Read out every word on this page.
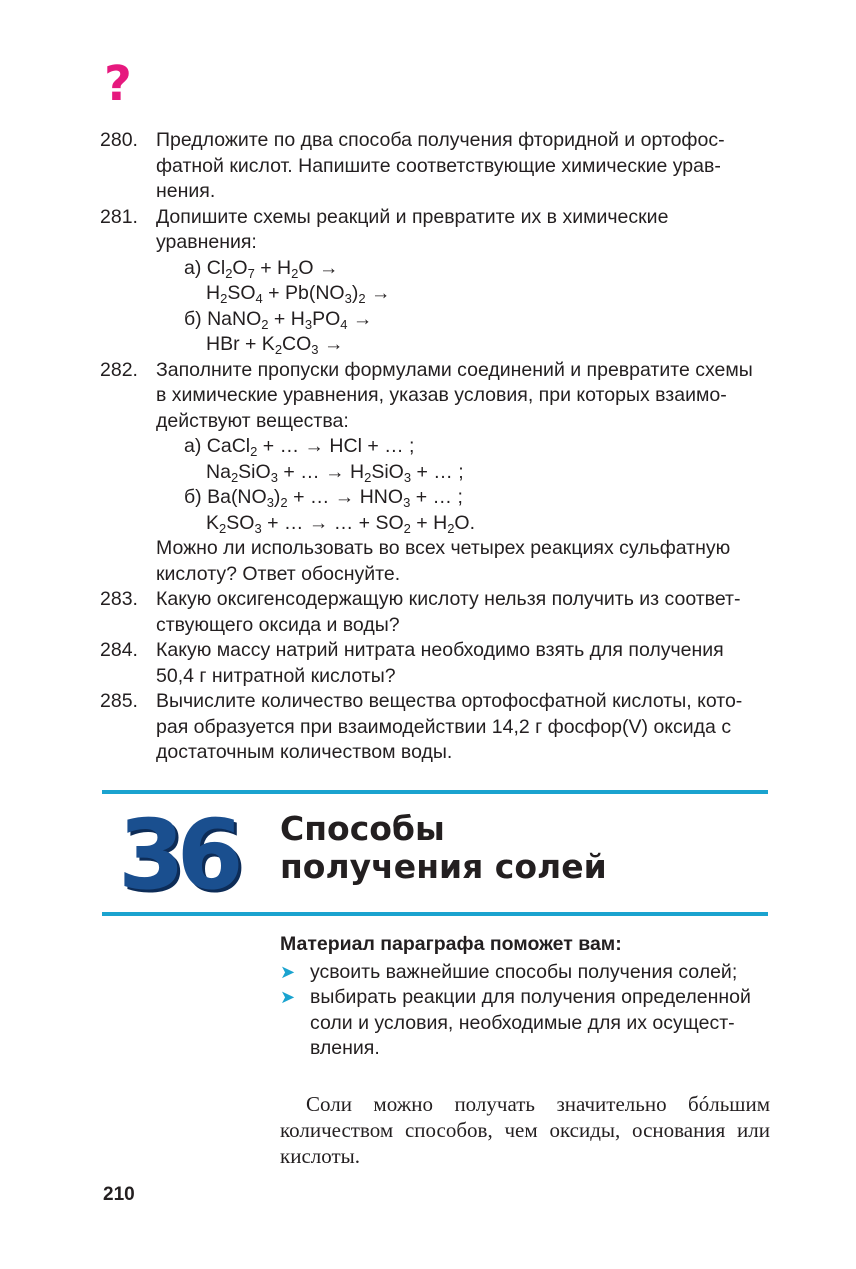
?
280. Предложите по два способа получения фторидной и ортофос-
фатной кислот. Напишите соответствующие химические урав-
нения.
281. Допишите схемы реакций и превратите их в химические уравнения:
а) $Cl_2O_7 + H_2O$ →
$H_2SO_4 + Pb(NO_3)_2$ →
б) NaNO$_2$ + $H_3PO_4$ →
HBr + $K_2CO_3$ →
282. Заполните пропуски формулами соединений и превратите схемы
в химические уравнения, указав условия, при которых взаимо-
действуют вещества:
а) CaCl$_2$ + … → HCl + … ;
$Na_2SiO_3$ + … → $H_2SiO_3$ + … ;
б) $Ba(NO_3)_2$ + … → $HNO_3$ + … ;
$K_2SO_3$ + … → … + $SO_2 + H_2O$.
Можно ли использовать во всех четырех реакциях сульфатную
кислоту? Ответ обоснуйте.
283. Какую оксигенсодержащую кислоту нельзя получить из соответ-
ствующего оксида и воды?
284. Какую массу натрий нитрата необходимо взять для получения
50,4 г нитратной кислоты?
285. Вычислите количество вещества ортофосфатной кислоты, кото-
рая образуется при взаимодействии 14,2 г фосфор(V) оксида с
достаточным количеством воды.
36 Способы
получения солей
Материал параграфа поможет вам:
➤ усвоить важнейшие способы получения солей;
➤ выбирать реакции для получения определенной
соли и условия, необходимые для их осущест-
вления.
Соли можно получать значительно бóльшим количеством способов, чем оксиды, основания или кислоты.
210
